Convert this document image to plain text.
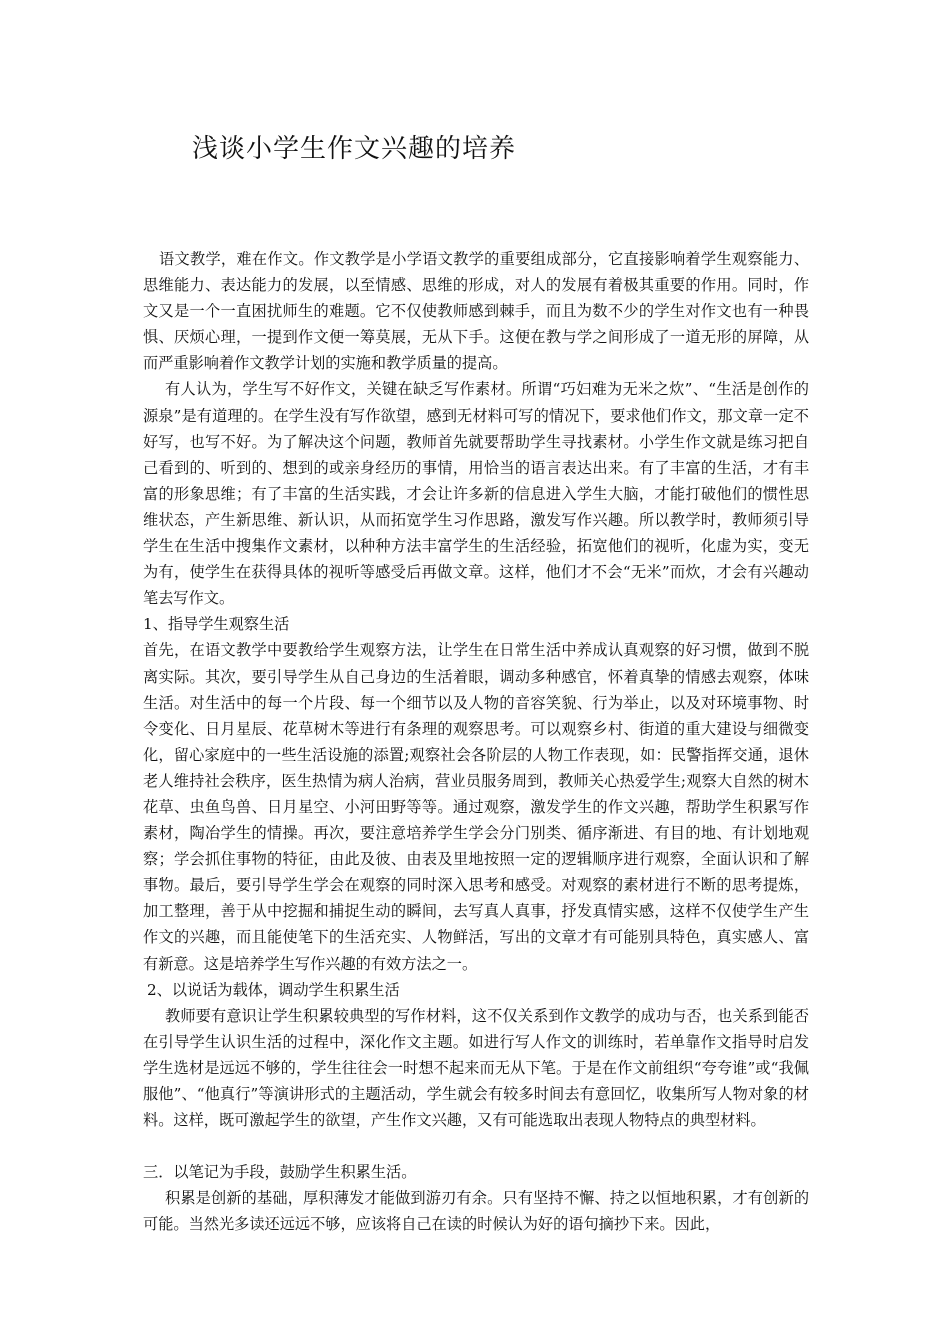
浅谈小学生作文兴趣的培养

语文教学，难在作文。作文教学是小学语文教学的重要组成部分，它直接影响着学生观察能力、思维能力、表达能力的发展，以至情感、思维的形成，对人的发展有着极其重要的作用。同时，作文又是一个一直困扰师生的难题。它不仅使教师感到棘手，而且为数不少的学生对作文也有一种畏惧、厌烦心理，一提到作文便一筹莫展，无从下手。这便在教与学之间形成了一道无形的屏障，从而严重影响着作文教学计划的实施和教学质量的提高。

有人认为，学生写不好作文，关键在缺乏写作素材。所谓“巧妇难为无米之炊”、“生活是创作的源泉”是有道理的。在学生没有写作欲望，感到无材料可写的情况下，要求他们作文，那文章一定不好写，也写不好。为了解决这个问题，教师首先就要帮助学生寻找素材。小学生作文就是练习把自己看到的、听到的、想到的或亲身经历的事情，用恰当的语言表达出来。有了丰富的生活，才有丰富的形象思维；有了丰富的生活实践，才会让许多新的信息进入学生大脑，才能打破他们的惯性思维状态，产生新思维、新认识，从而拓宽学生习作思路，激发写作兴趣。所以教学时，教师须引导学生在生活中搜集作文素材，以种种方法丰富学生的生活经验，拓宽他们的视听，化虚为实，变无为有，使学生在获得具体的视听等感受后再做文章。这样，他们才不会“无米”而炊，才会有兴趣动笔去写作文。

1、指导学生观察生活

首先，在语文教学中要教给学生观察方法，让学生在日常生活中养成认真观察的好习惯，做到不脱离实际。其次，要引导学生从自己身边的生活着眼，调动多种感官，怀着真挚的情感去观察，体味生活。对生活中的每一个片段、每一个细节以及人物的音容笑貌、行为举止，以及对环境事物、时令变化、日月星辰、花草树木等进行有条理的观察思考。可以观察乡村、街道的重大建设与细微变化，留心家庭中的一些生活设施的添置;观察社会各阶层的人物工作表现，如：民警指挥交通，退休老人维持社会秩序，医生热情为病人治病，营业员服务周到，教师关心热爱学生;观察大自然的树木花草、虫鱼鸟兽、日月星空、小河田野等等。通过观察，激发学生的作文兴趣，帮助学生积累写作素材，陶冶学生的情操。再次，要注意培养学生学会分门别类、循序渐进、有目的地、有计划地观察；学会抓住事物的特征，由此及彼、由表及里地按照一定的逻辑顺序进行观察，全面认识和了解事物。最后，要引导学生学会在观察的同时深入思考和感受。对观察的素材进行不断的思考提炼，加工整理，善于从中挖掘和捕捉生动的瞬间，去写真人真事，抒发真情实感，这样不仅使学生产生作文的兴趣，而且能使笔下的生活充实、人物鲜活，写出的文章才有可能别具特色，真实感人、富有新意。这是培养学生写作兴趣的有效方法之一。

2、以说话为载体，调动学生积累生活

教师要有意识让学生积累较典型的写作材料，这不仅关系到作文教学的成功与否，也关系到能否在引导学生认识生活的过程中，深化作文主题。如进行写人作文的训练时，若单靠作文指导时启发学生选材是远远不够的，学生往往会一时想不起来而无从下笔。于是在作文前组织“夸夸谁”或“我佩服他”、“他真行”等演讲形式的主题活动，学生就会有较多时间去有意回忆，收集所写人物对象的材料。这样，既可激起学生的欲望，产生作文兴趣，又有可能选取出表现人物特点的典型材料。

三．以笔记为手段，鼓励学生积累生活。

积累是创新的基础，厚积薄发才能做到游刃有余。只有坚持不懈、持之以恒地积累，才有创新的可能。当然光多读还远远不够，应该将自己在读的时候认为好的语句摘抄下来。因此，
